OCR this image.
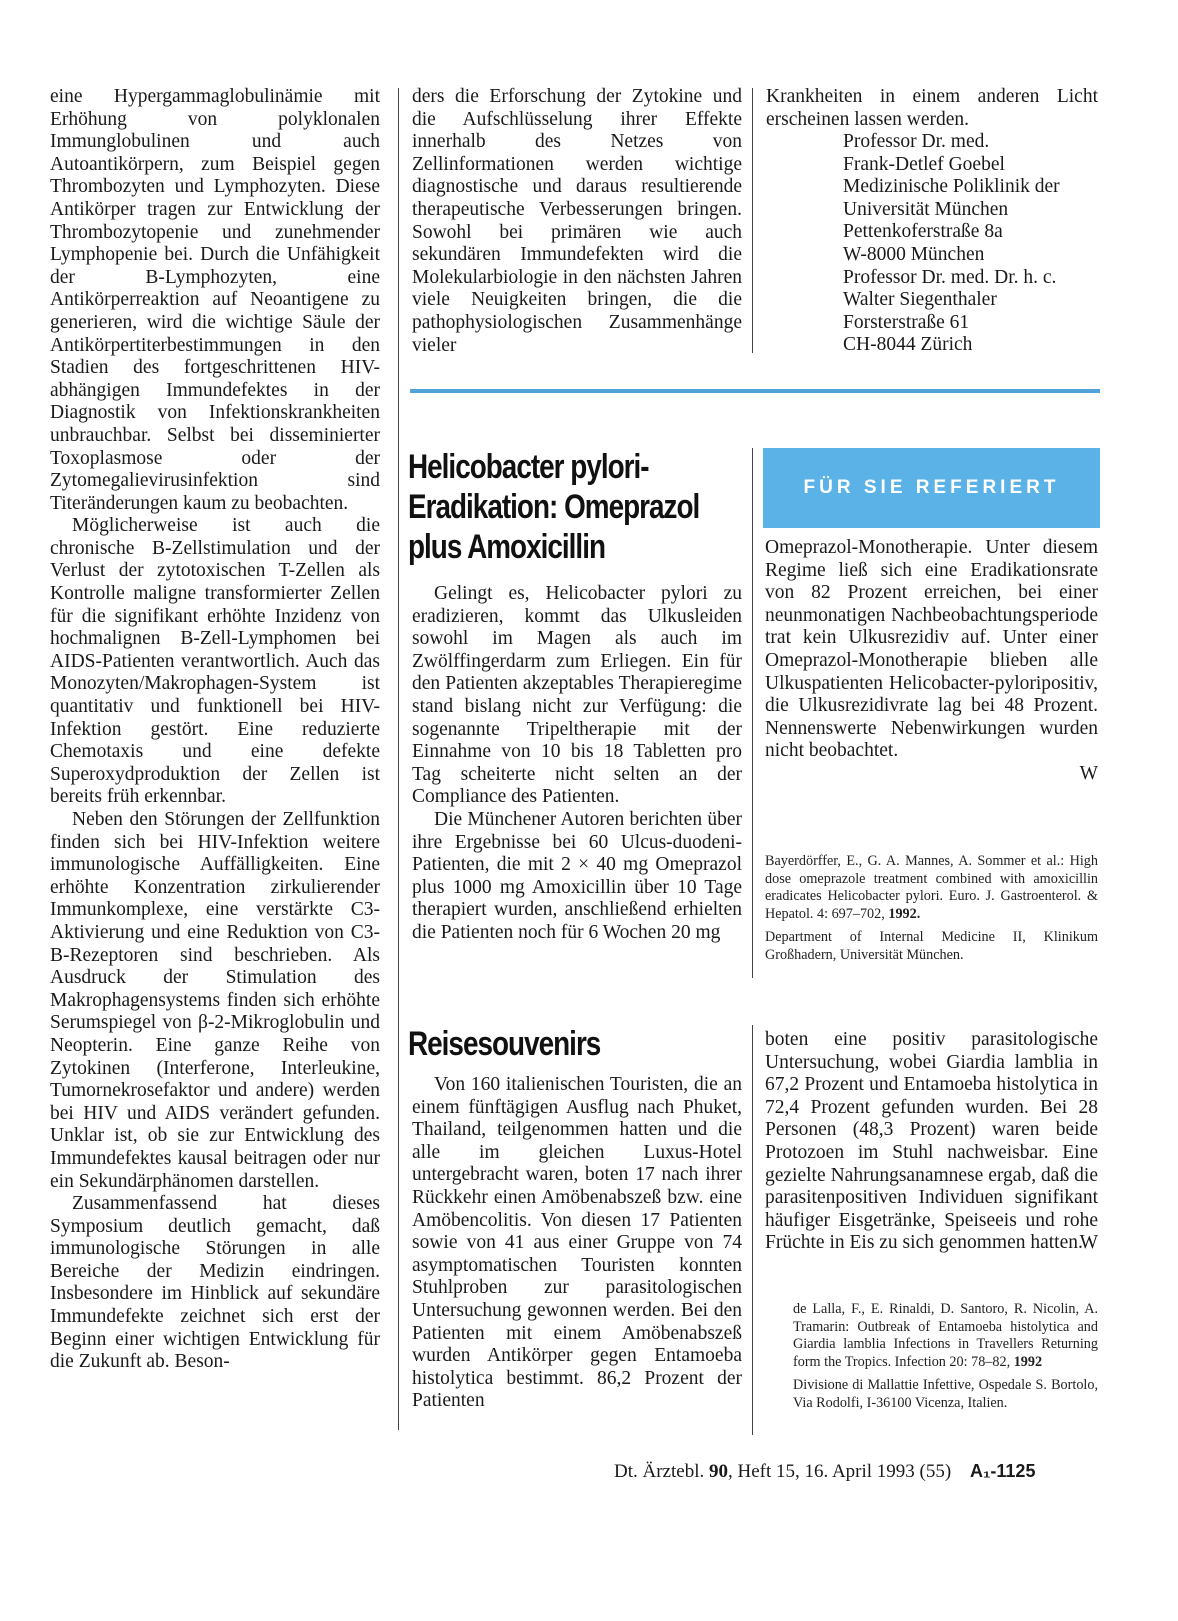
eine Hypergammaglobulinämie mit Erhöhung von polyklonalen Immunglobulinen und auch Autoantikörpern, zum Beispiel gegen Thrombozyten und Lymphozyten. Diese Antikörper tragen zur Entwicklung der Thrombozytopenie und zunehmender Lymphopenie bei. Durch die Unfähigkeit der B-Lymphozyten, eine Antikörperreaktion auf Neoantigene zu generieren, wird die wichtige Säule der Antikörpertiterbestimmungen in den Stadien des fortgeschrittenen HIV-abhängigen Immundefektes in der Diagnostik von Infektionskrankheiten unbrauchbar. Selbst bei disseminierter Toxoplasmose oder der Zytomegalievirusinfektion sind Titeränderungen kaum zu beobachten.

Möglicherweise ist auch die chronische B-Zellstimulation und der Verlust der zytotoxischen T-Zellen als Kontrolle maligne transformierter Zellen für die signifikant erhöhte Inzidenz von hochmalignen B-Zell-Lymphomen bei AIDS-Patienten verantwortlich. Auch das Monozyten/Makrophagen-System ist quantitativ und funktionell bei HIV-Infektion gestört. Eine reduzierte Chemotaxis und eine defekte Superoxydproduktion der Zellen ist bereits früh erkennbar.

Neben den Störungen der Zellfunktion finden sich bei HIV-Infektion weitere immunologische Auffälligkeiten. Eine erhöhte Konzentration zirkulierender Immunkomplexe, eine verstärkte C3-Aktivierung und eine Reduktion von C3-B-Rezeptoren sind beschrieben. Als Ausdruck der Stimulation des Makrophagensystems finden sich erhöhte Serumspiegel von β-2-Mikroglobulin und Neopterin. Eine ganze Reihe von Zytokinen (Interferone, Interleukine, Tumornekrosefaktor und andere) werden bei HIV und AIDS verändert gefunden. Unklar ist, ob sie zur Entwicklung des Immundefektes kausal beitragen oder nur ein Sekundärphänomen darstellen.

Zusammenfassend hat dieses Symposium deutlich gemacht, daß immunologische Störungen in alle Bereiche der Medizin eindringen. Insbesondere im Hinblick auf sekundäre Immundefekte zeichnet sich erst der Beginn einer wichtigen Entwicklung für die Zukunft ab. Beson-

ders die Erforschung der Zytokine und die Aufschlüsselung ihrer Effekte innerhalb des Netzes von Zellinformationen werden wichtige diagnostische und daraus resultierende therapeutische Verbesserungen bringen. Sowohl bei primären wie auch sekundären Immundefekten wird die Molekularbiologie in den nächsten Jahren viele Neuigkeiten bringen, die die pathophysiologischen Zusammenhänge vieler

Krankheiten in einem anderen Licht erscheinen lassen werden.

Professor Dr. med.
Frank-Detlef Goebel
Medizinische Poliklinik der
Universität München
Pettenkoferstraße 8a
W-8000 München
Professor Dr. med. Dr. h. c.
Walter Siegenthaler
Forsterstraße 61
CH-8044 Zürich
Helicobacter pylori-
Eradikation: Omeprazol
plus Amoxicillin
FÜR SIE REFERIERT

Gelingt es, Helicobacter pylori zu eradizieren, kommt das Ulkusleiden sowohl im Magen als auch im Zwölffingerdarm zum Erliegen. Ein für den Patienten akzeptables Therapieregime stand bislang nicht zur Verfügung: die sogenannte Tripeltherapie mit der Einnahme von 10 bis 18 Tabletten pro Tag scheiterte nicht selten an der Compliance des Patienten.

Die Münchener Autoren berichten über ihre Ergebnisse bei 60 Ulcus-duodeni-Patienten, die mit 2 × 40 mg Omeprazol plus 1000 mg Amoxicillin über 10 Tage therapiert wurden, anschließend erhielten die Patienten noch für 6 Wochen 20 mg

Omeprazol-Monotherapie. Unter diesem Regime ließ sich eine Eradikationsrate von 82 Prozent erreichen, bei einer neunmonatigen Nachbeobachtungsperiode trat kein Ulkusrezidiv auf. Unter einer Omeprazol-Monotherapie blieben alle Ulkuspatienten Helicobacter-pyloripositiv, die Ulkusrezidivrate lag bei 48 Prozent. Nennenswerte Nebenwirkungen wurden nicht beobachtet.

W

Bayerdörffer, E., G. A. Mannes, A. Sommer et al.: High dose omeprazole treatment combined with amoxicillin eradicates Helicobacter pylori. Euro. J. Gastroenterol. & Hepatol. 4: 697–702, 1992.

Department of Internal Medicine II, Klinikum Großhadern, Universität München.

Reisesouvenirs

Von 160 italienischen Touristen, die an einem fünftägigen Ausflug nach Phuket, Thailand, teilgenommen hatten und die alle im gleichen Luxus-Hotel untergebracht waren, boten 17 nach ihrer Rückkehr einen Amöbenabszeß bzw. eine Amöbencolitis. Von diesen 17 Patienten sowie von 41 aus einer Gruppe von 74 asymptomatischen Touristen konnten Stuhlproben zur parasitologischen Untersuchung gewonnen werden. Bei den Patienten mit einem Amöbenabszeß wurden Antikörper gegen Entamoeba histolytica bestimmt. 86,2 Prozent der Patienten

boten eine positiv parasitologische Untersuchung, wobei Giardia lamblia in 67,2 Prozent und Entamoeba histolytica in 72,4 Prozent gefunden wurden. Bei 28 Personen (48,3 Prozent) waren beide Protozoen im Stuhl nachweisbar. Eine gezielte Nahrungsanamnese ergab, daß die parasitenpositiven Individuen signifikant häufiger Eisgetränke, Speiseeis und rohe Früchte in Eis zu sich genommen hatten.

W

de Lalla, F., E. Rinaldi, D. Santoro, R. Nicolin, A. Tramarin: Outbreak of Entamoeba histolytica and Giardia lamblia Infections in Travellers Returning form the Tropics. Infection 20: 78–82, 1992

Divisione di Mallattie Infettive, Ospedale S. Bortolo, Via Rodolfi, I-36100 Vicenza, Italien.

Dt. Ärztebl. 90, Heft 15, 16. April 1993 (55) A₁-1125
